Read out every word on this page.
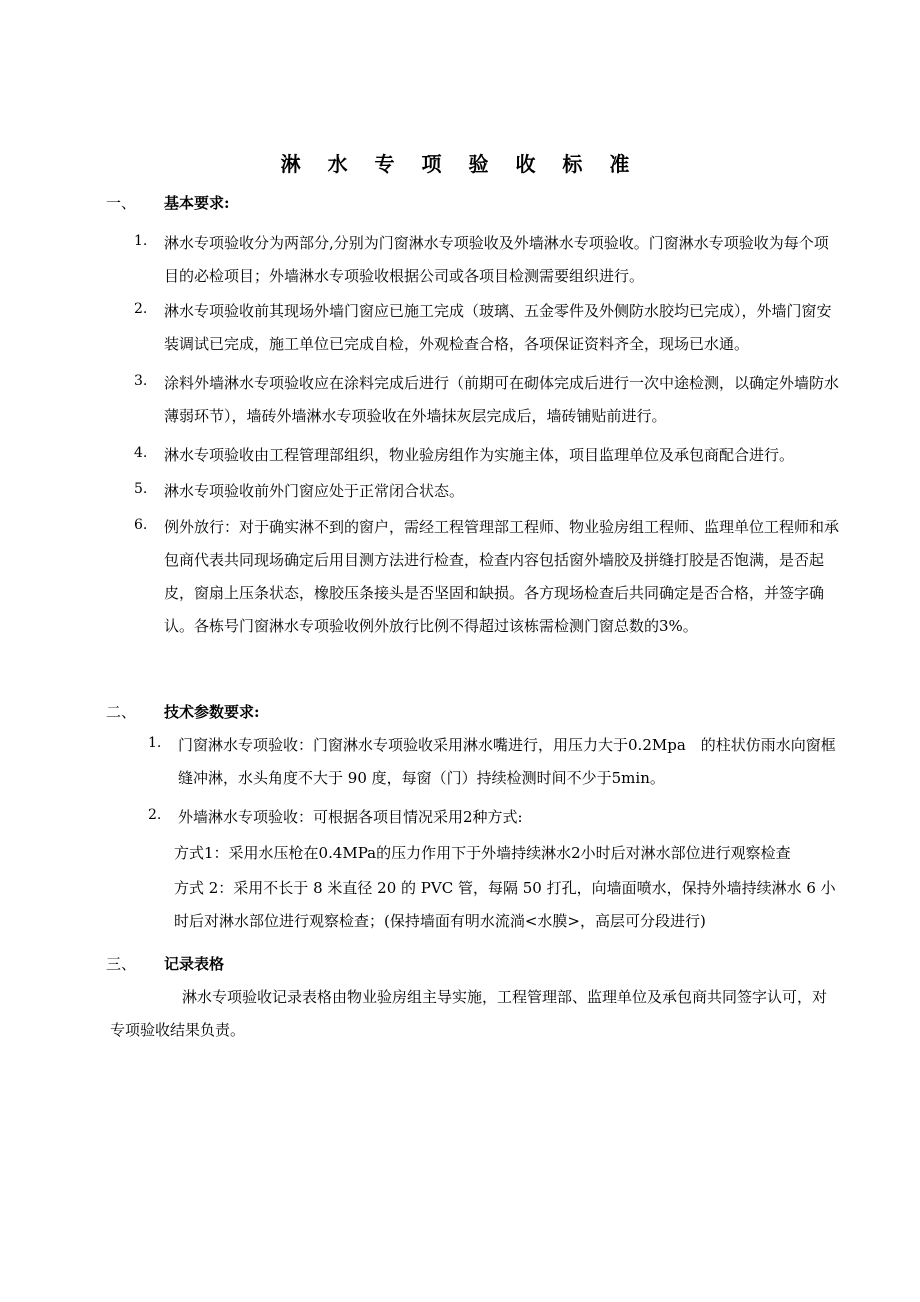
淋 水 专 项 验 收 标 准
一、 基本要求:
1. 淋水专项验收分为两部分,分别为门窗淋水专项验收及外墙淋水专项验收。门窗淋水专项验收为每个项目的必检项目；外墙淋水专项验收根据公司或各项目检测需要组织进行。
2. 淋水专项验收前其现场外墙门窗应已施工完成（玻璃、五金零件及外侧防水胶均已完成），外墙门窗安装调试已完成，施工单位已完成自检，外观检查合格，各项保证资料齐全，现场已水通。
3. 涂料外墙淋水专项验收应在涂料完成后进行（前期可在砌体完成后进行一次中途检测，以确定外墙防水薄弱环节），墙砖外墙淋水专项验收在外墙抹灰层完成后，墙砖铺贴前进行。
4. 淋水专项验收由工程管理部组织，物业验房组作为实施主体，项目监理单位及承包商配合进行。
5. 淋水专项验收前外门窗应处于正常闭合状态。
6. 例外放行：对于确实淋不到的窗户，需经工程管理部工程师、物业验房组工程师、监理单位工程师和承包商代表共同现场确定后用目测方法进行检查，检查内容包括窗外墙胶及拼缝打胶是否饱满，是否起皮，窗扇上压条状态，橡胶压条接头是否坚固和缺损。各方现场检查后共同确定是否合格，并签字确认。各栋号门窗淋水专项验收例外放行比例不得超过该栋需检测门窗总数的3%。
二、 技术参数要求:
1. 门窗淋水专项验收：门窗淋水专项验收采用淋水嘴进行，用压力大于0.2Mpa　的柱状仿雨水向窗框缝冲淋，水头角度不大于 90 度，每窗（门）持续检测时间不少于5min。
2. 外墙淋水专项验收：可根据各项目情况采用2种方式:
方式1：采用水压枪在0.4MPa的压力作用下于外墙持续淋水2小时后对淋水部位进行观察检查
方式 2：采用不长于 8 米直径 20 的 PVC 管，每隔 50 打孔，向墙面喷水，保持外墙持续淋水 6 小时后对淋水部位进行观察检查；(保持墙面有明水流淌<水膜>，高层可分段进行)
三、 记录表格
淋水专项验收记录表格由物业验房组主导实施，工程管理部、监理单位及承包商共同签字认可，对专项验收结果负责。
